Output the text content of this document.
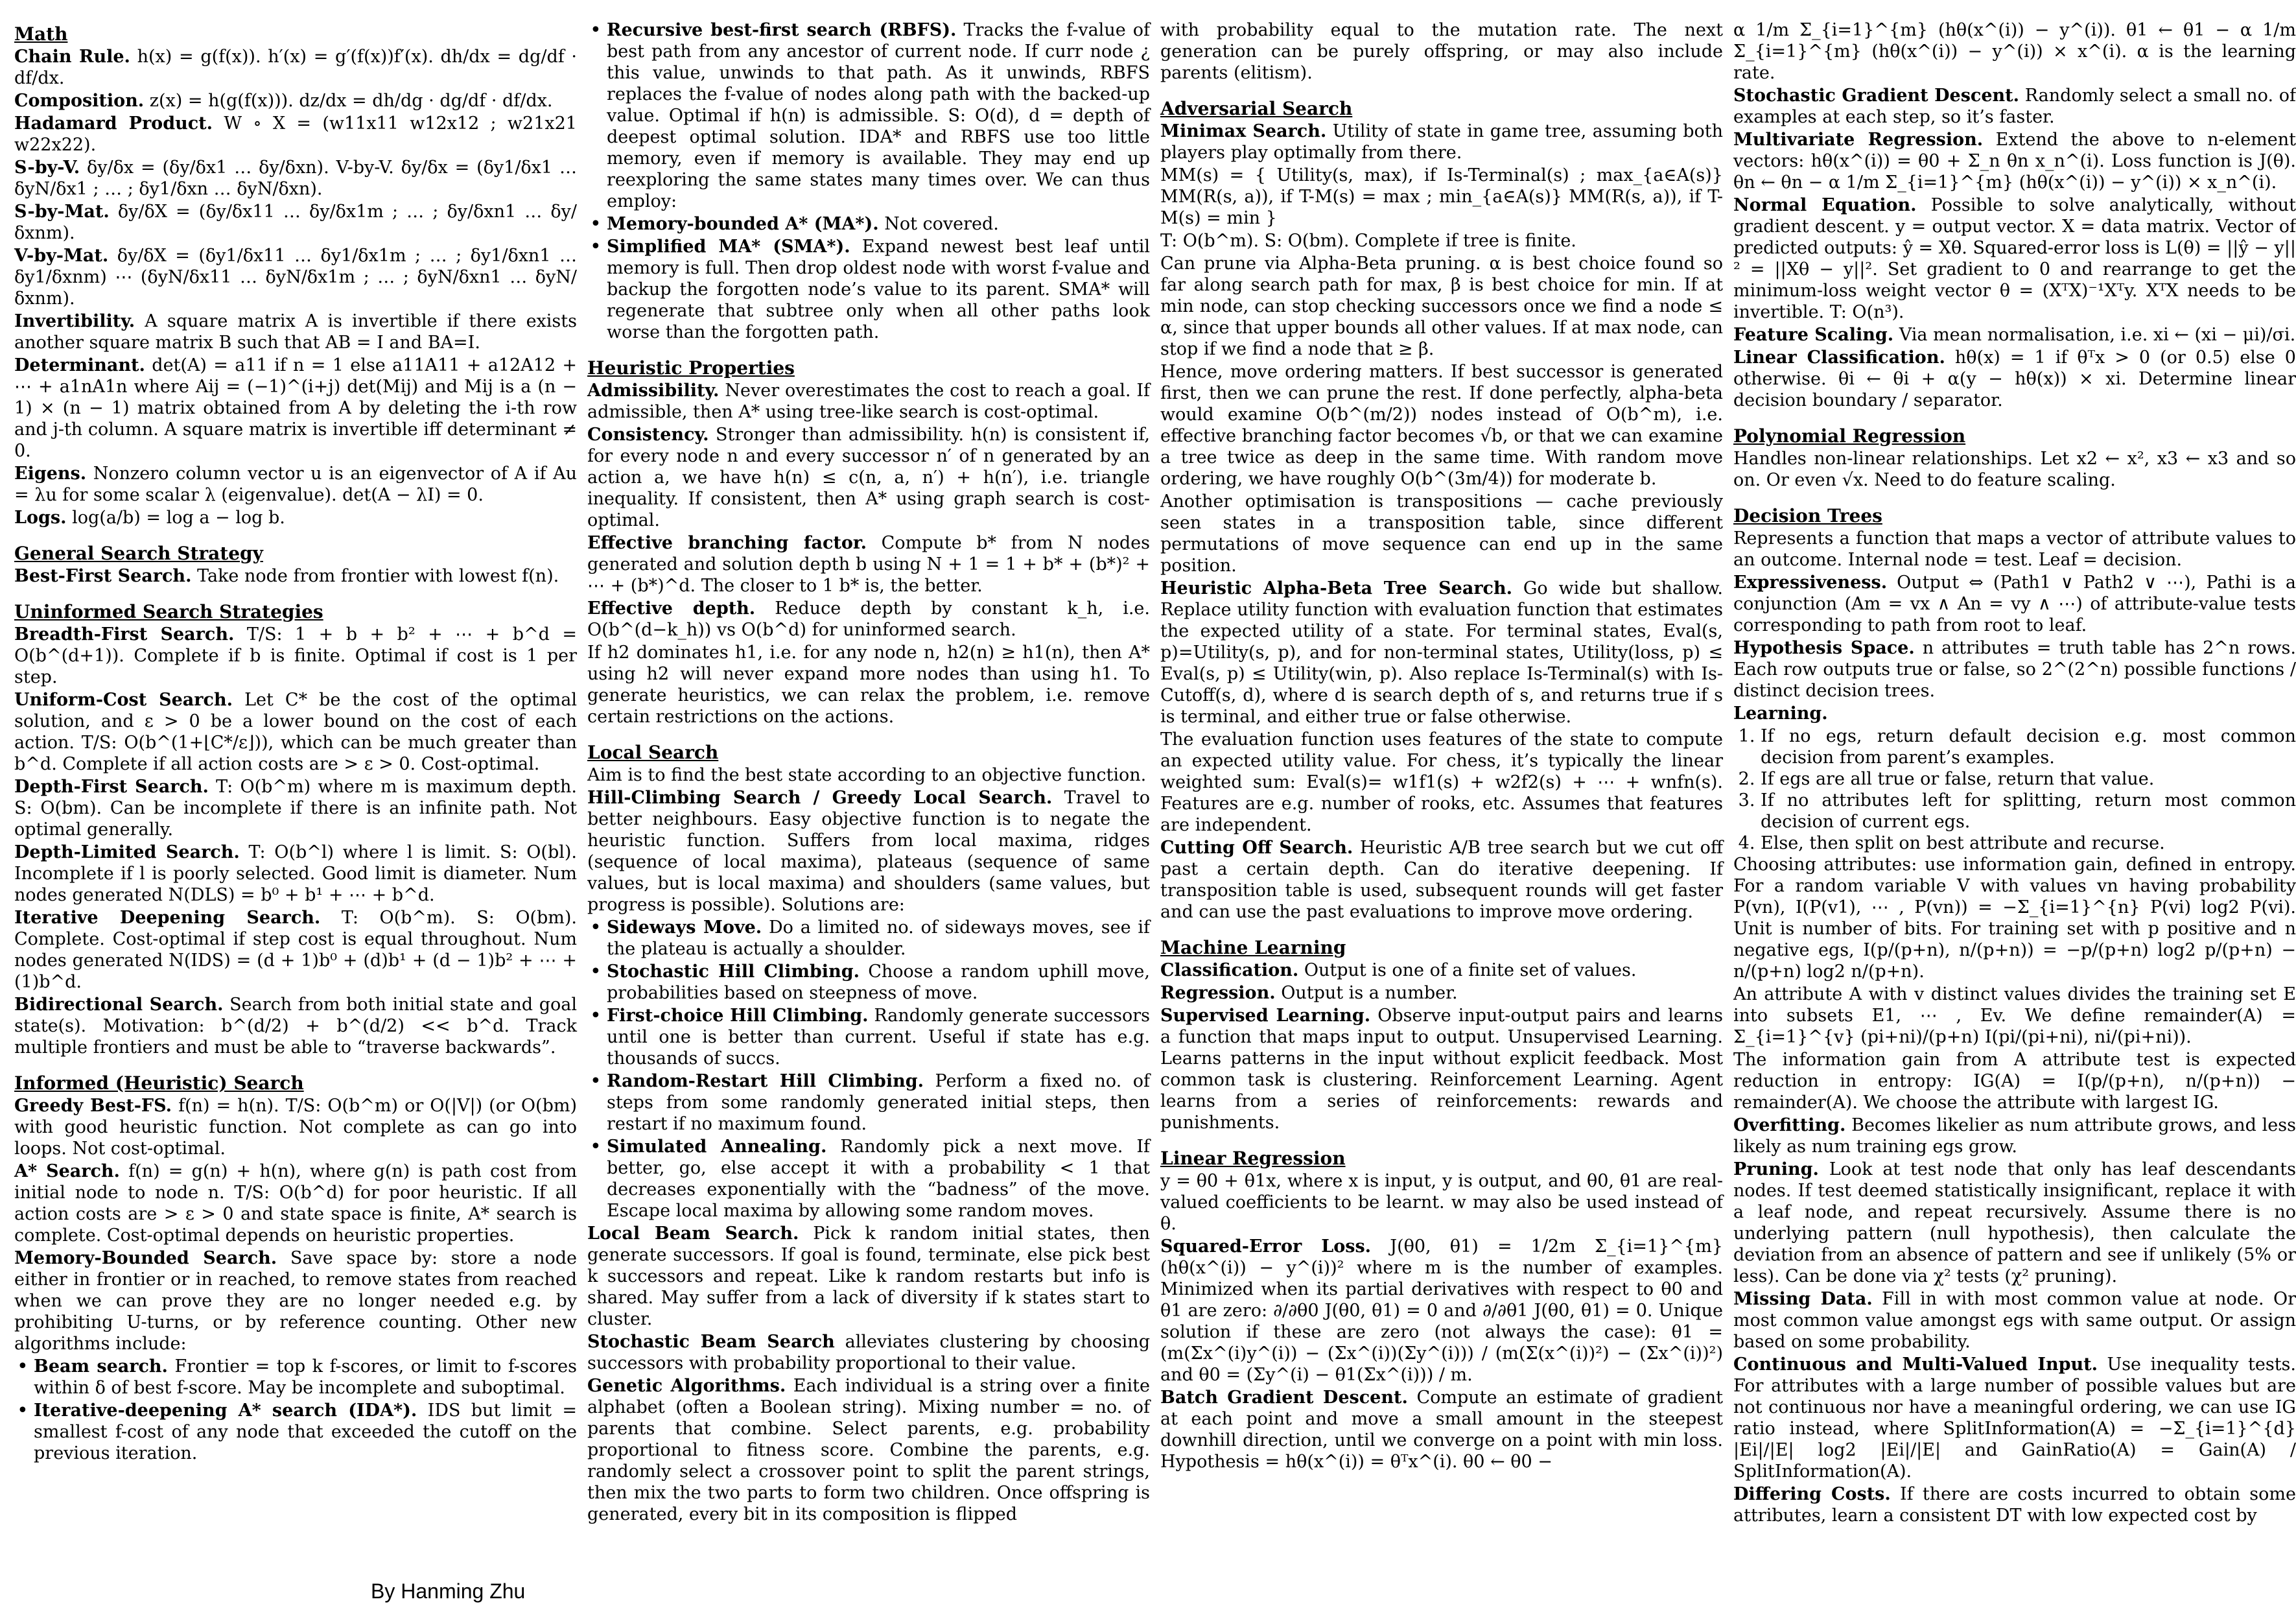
Math
Chain Rule. h(x) = g(f(x)). h′(x) = g′(f(x))f′(x). dh/dx = dg/df · df/dx.
Composition. z(x) = h(g(f(x))). dz/dx = dh/dg · dg/df · df/dx.
Hadamard Product. W ∘ X = (w11x11 w12x12 ; w21x21 w22x22).
S-by-V. δy/δx = (δy/δx1 … δy/δxn). V-by-V. δy/δx = (δy1/δx1 … δyN/δx1 ; … ; δy1/δxn … δyN/δxn).
S-by-Mat. δy/δX = (δy/δx11 … δy/δx1m ; … ; δy/δxn1 … δy/δxnm).
V-by-Mat. δy/δX = (δy1/δx11 … δy1/δx1m ; … ; δy1/δxn1 … δy1/δxnm) ⋯ (δyN/δx11 … δyN/δx1m ; … ; δyN/δxn1 … δyN/δxnm).
Invertibility. A square matrix A is invertible if there exists another square matrix B such that AB = I and BA=I.
Determinant. det(A) = a11 if n = 1 else a11A11 + a12A12 + ⋯ + a1nA1n where Aij = (−1)^(i+j) det(Mij) and Mij is a (n − 1) × (n − 1) matrix obtained from A by deleting the i-th row and j-th column. A square matrix is invertible iff determinant ≠ 0.
Eigens. Nonzero column vector u is an eigenvector of A if Au = λu for some scalar λ (eigenvalue). det(A − λI) = 0.
Logs. log(a/b) = log a − log b.
General Search Strategy
Best-First Search. Take node from frontier with lowest f(n).
Uninformed Search Strategies
Breadth-First Search. T/S: 1 + b + b² + ⋯ + b^d = O(b^(d+1)). Complete if b is finite. Optimal if cost is 1 per step.
Uniform-Cost Search. Let C* be the cost of the optimal solution, and ε > 0 be a lower bound on the cost of each action. T/S: O(b^(1+⌊C*/ε⌋)), which can be much greater than b^d. Complete if all action costs are > ε > 0. Cost-optimal.
Depth-First Search. T: O(b^m) where m is maximum depth. S: O(bm). Can be incomplete if there is an infinite path. Not optimal generally.
Depth-Limited Search. T: O(b^l) where l is limit. S: O(bl). Incomplete if l is poorly selected. Good limit is diameter. Num nodes generated N(DLS) = b⁰ + b¹ + ⋯ + b^d.
Iterative Deepening Search. T: O(b^m). S: O(bm). Complete. Cost-optimal if step cost is equal throughout. Num nodes generated N(IDS) = (d + 1)b⁰ + (d)b¹ + (d − 1)b² + ⋯ + (1)b^d.
Bidirectional Search. Search from both initial state and goal state(s). Motivation: b^(d/2) + b^(d/2) << b^d. Track multiple frontiers and must be able to “traverse backwards”.
Informed (Heuristic) Search
Greedy Best-FS. f(n) = h(n). T/S: O(b^m) or O(|V|) (or O(bm) with good heuristic function. Not complete as can go into loops. Not cost-optimal.
A* Search. f(n) = g(n) + h(n), where g(n) is path cost from initial node to node n. T/S: O(b^d) for poor heuristic. If all action costs are > ε > 0 and state space is finite, A* search is complete. Cost-optimal depends on heuristic properties.
Memory-Bounded Search. Save space by: store a node either in frontier or in reached, to remove states from reached when we can prove they are no longer needed e.g. by prohibiting U-turns, or by reference counting. Other new algorithms include:
• Beam search. Frontier = top k f-scores, or limit to f-scores within δ of best f-score. May be incomplete and suboptimal.
• Iterative-deepening A* search (IDA*). IDS but limit = smallest f-cost of any node that exceeded the cutoff on the previous iteration.
• Recursive best-first search (RBFS). Tracks the f-value of best path from any ancestor of current node. If curr node ¿ this value, unwinds to that path. As it unwinds, RBFS replaces the f-value of nodes along path with the backed-up value. Optimal if h(n) is admissible. S: O(d), d = depth of deepest optimal solution. IDA* and RBFS use too little memory, even if memory is available. They may end up reexploring the same states many times over. We can thus employ:
• Memory-bounded A* (MA*). Not covered.
• Simplified MA* (SMA*). Expand newest best leaf until memory is full. Then drop oldest node with worst f-value and backup the forgotten node’s value to its parent. SMA* will regenerate that subtree only when all other paths look worse than the forgotten path.
Heuristic Properties
Admissibility. Never overestimates the cost to reach a goal. If admissible, then A* using tree-like search is cost-optimal.
Consistency. Stronger than admissibility. h(n) is consistent if, for every node n and every successor n′ of n generated by an action a, we have h(n) ≤ c(n, a, n′) + h(n′), i.e. triangle inequality. If consistent, then A* using graph search is cost-optimal.
Effective branching factor. Compute b* from N nodes generated and solution depth b using N + 1 = 1 + b* + (b*)² + ⋯ + (b*)^d. The closer to 1 b* is, the better.
Effective depth. Reduce depth by constant k_h, i.e. O(b^(d−k_h)) vs O(b^d) for uninformed search.
If h2 dominates h1, i.e. for any node n, h2(n) ≥ h1(n), then A* using h2 will never expand more nodes than using h1. To generate heuristics, we can relax the problem, i.e. remove certain restrictions on the actions.
Local Search
Aim is to find the best state according to an objective function.
Hill-Climbing Search / Greedy Local Search. Travel to better neighbours. Easy objective function is to negate the heuristic function. Suffers from local maxima, ridges (sequence of local maxima), plateaus (sequence of same values, but is local maxima) and shoulders (same values, but progress is possible). Solutions are:
• Sideways Move. Do a limited no. of sideways moves, see if the plateau is actually a shoulder.
• Stochastic Hill Climbing. Choose a random uphill move, probabilities based on steepness of move.
• First-choice Hill Climbing. Randomly generate successors until one is better than current. Useful if state has e.g. thousands of succs.
• Random-Restart Hill Climbing. Perform a fixed no. of steps from some randomly generated initial steps, then restart if no maximum found.
• Simulated Annealing. Randomly pick a next move. If better, go, else accept it with a probability < 1 that decreases exponentially with the “badness” of the move. Escape local maxima by allowing some random moves.
Local Beam Search. Pick k random initial states, then generate successors. If goal is found, terminate, else pick best k successors and repeat. Like k random restarts but info is shared. May suffer from a lack of diversity if k states start to cluster.
Stochastic Beam Search alleviates clustering by choosing successors with probability proportional to their value.
Genetic Algorithms. Each individual is a string over a finite alphabet (often a Boolean string). Mixing number = no. of parents that combine. Select parents, e.g. probability proportional to fitness score. Combine the parents, e.g. randomly select a crossover point to split the parent strings, then mix the two parts to form two children. Once offspring is generated, every bit in its composition is flipped
with probability equal to the mutation rate. The next generation can be purely offspring, or may also include parents (elitism).
Adversarial Search
Minimax Search. Utility of state in game tree, assuming both players play optimally from there.
MM(s) = { Utility(s, max), if Is-Terminal(s) ; max_{a∈A(s)} MM(R(s, a)), if T-M(s) = max ; min_{a∈A(s)} MM(R(s, a)), if T-M(s) = min }
T: O(b^m). S: O(bm). Complete if tree is finite.
Can prune via Alpha-Beta pruning. α is best choice found so far along search path for max, β is best choice for min. If at min node, can stop checking successors once we find a node ≤ α, since that upper bounds all other values. If at max node, can stop if we find a node that ≥ β.
Hence, move ordering matters. If best successor is generated first, then we can prune the rest. If done perfectly, alpha-beta would examine O(b^(m/2)) nodes instead of O(b^m), i.e. effective branching factor becomes √b, or that we can examine a tree twice as deep in the same time. With random move ordering, we have roughly O(b^(3m/4)) for moderate b.
Another optimisation is transpositions — cache previously seen states in a transposition table, since different permutations of move sequence can end up in the same position.
Heuristic Alpha-Beta Tree Search. Go wide but shallow. Replace utility function with evaluation function that estimates the expected utility of a state. For terminal states, Eval(s, p)=Utility(s, p), and for non-terminal states, Utility(loss, p) ≤ Eval(s, p) ≤ Utility(win, p). Also replace Is-Terminal(s) with Is-Cutoff(s, d), where d is search depth of s, and returns true if s is terminal, and either true or false otherwise.
The evaluation function uses features of the state to compute an expected utility value. For chess, it’s typically the linear weighted sum: Eval(s)= w1f1(s) + w2f2(s) + ⋯ + wnfn(s). Features are e.g. number of rooks, etc. Assumes that features are independent.
Cutting Off Search. Heuristic A/B tree search but we cut off past a certain depth. Can do iterative deepening. If transposition table is used, subsequent rounds will get faster and can use the past evaluations to improve move ordering.
Machine Learning
Classification. Output is one of a finite set of values.
Regression. Output is a number.
Supervised Learning. Observe input-output pairs and learns a function that maps input to output. Unsupervised Learning. Learns patterns in the input without explicit feedback. Most common task is clustering. Reinforcement Learning. Agent learns from a series of reinforcements: rewards and punishments.
Linear Regression
y = θ0 + θ1x, where x is input, y is output, and θ0, θ1 are real-valued coefficients to be learnt. w may also be used instead of θ.
Squared-Error Loss. J(θ0, θ1) = 1/2m Σ_{i=1}^{m} (hθ(x^(i)) − y^(i))² where m is the number of examples. Minimized when its partial derivatives with respect to θ0 and θ1 are zero: ∂/∂θ0 J(θ0, θ1) = 0 and ∂/∂θ1 J(θ0, θ1) = 0. Unique solution if these are zero (not always the case): θ1 = (m(Σx^(i)y^(i)) − (Σx^(i))(Σy^(i))) / (m(Σ(x^(i))²) − (Σx^(i))²) and θ0 = (Σy^(i) − θ1(Σx^(i))) / m.
Batch Gradient Descent. Compute an estimate of gradient at each point and move a small amount in the steepest downhill direction, until we converge on a point with min loss. Hypothesis = hθ(x^(i)) = θᵀx^(i). θ0 ← θ0 −
α 1/m Σ_{i=1}^{m} (hθ(x^(i)) − y^(i)). θ1 ← θ1 − α 1/m Σ_{i=1}^{m} (hθ(x^(i)) − y^(i)) × x^(i). α is the learning rate.
Stochastic Gradient Descent. Randomly select a small no. of examples at each step, so it’s faster.
Multivariate Regression. Extend the above to n-element vectors: hθ(x^(i)) = θ0 + Σ_n θn x_n^(i). Loss function is J(θ). θn ← θn − α 1/m Σ_{i=1}^{m} (hθ(x^(i)) − y^(i)) × x_n^(i).
Normal Equation. Possible to solve analytically, without gradient descent. y = output vector. X = data matrix. Vector of predicted outputs: ŷ = Xθ. Squared-error loss is L(θ) = ||ŷ − y||² = ||Xθ − y||². Set gradient to 0 and rearrange to get the minimum-loss weight vector θ = (XᵀX)⁻¹Xᵀy. XᵀX needs to be invertible. T: O(n³).
Feature Scaling. Via mean normalisation, i.e. xi ← (xi − μi)/σi.
Linear Classification. hθ(x) = 1 if θᵀx > 0 (or 0.5) else 0 otherwise. θi ← θi + α(y − hθ(x)) × xi. Determine linear decision boundary / separator.
Polynomial Regression
Handles non-linear relationships. Let x2 ← x², x3 ← x3 and so on. Or even √x. Need to do feature scaling.
Decision Trees
Represents a function that maps a vector of attribute values to an outcome. Internal node = test. Leaf = decision.
Expressiveness. Output ⇔ (Path1 ∨ Path2 ∨ ⋯), Pathi is a conjunction (Am = vx ∧ An = vy ∧ ⋯) of attribute-value tests corresponding to path from root to leaf.
Hypothesis Space. n attributes = truth table has 2^n rows. Each row outputs true or false, so 2^(2^n) possible functions / distinct decision trees.
Learning.
1. If no egs, return default decision e.g. most common decision from parent’s examples.
2. If egs are all true or false, return that value.
3. If no attributes left for splitting, return most common decision of current egs.
4. Else, then split on best attribute and recurse.
Choosing attributes: use information gain, defined in entropy. For a random variable V with values vn having probability P(vn), I(P(v1), ⋯ , P(vn)) = −Σ_{i=1}^{n} P(vi) log2 P(vi). Unit is number of bits. For training set with p positive and n negative egs, I(p/(p+n), n/(p+n)) = −p/(p+n) log2 p/(p+n) − n/(p+n) log2 n/(p+n).
An attribute A with v distinct values divides the training set E into subsets E1, ⋯ , Ev. We define remainder(A) = Σ_{i=1}^{v} (pi+ni)/(p+n) I(pi/(pi+ni), ni/(pi+ni)).
The information gain from A attribute test is expected reduction in entropy: IG(A) = I(p/(p+n), n/(p+n)) − remainder(A). We choose the attribute with largest IG.
Overfitting. Becomes likelier as num attribute grows, and less likely as num training egs grow.
Pruning. Look at test node that only has leaf descendants nodes. If test deemed statistically insignificant, replace it with a leaf node, and repeat recursively. Assume there is no underlying pattern (null hypothesis), then calculate the deviation from an absence of pattern and see if unlikely (5% or less). Can be done via χ² tests (χ² pruning).
Missing Data. Fill in with most common value at node. Or most common value amongst egs with same output. Or assign based on some probability.
Continuous and Multi-Valued Input. Use inequality tests. For attributes with a large number of possible values but are not continuous nor have a meaningful ordering, we can use IG ratio instead, where SplitInformation(A) = −Σ_{i=1}^{d} |Ei|/|E| log2 |Ei|/|E| and GainRatio(A) = Gain(A) / SplitInformation(A).
Differing Costs. If there are costs incurred to obtain some attributes, learn a consistent DT with low expected cost by
By Hanming Zhu
